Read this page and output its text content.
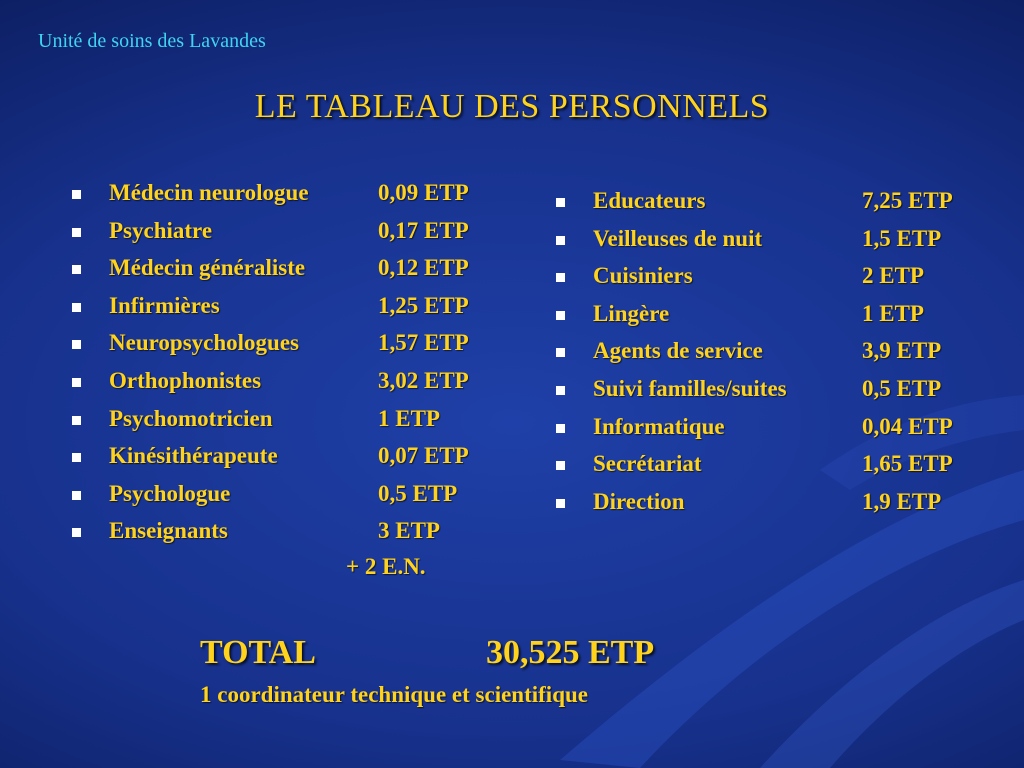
Unité de soins des Lavandes
LE TABLEAU DES PERSONNELS
Médecin neurologue	0,09 ETP
Psychiatre	0,17 ETP
Médecin généraliste	0,12 ETP
Infirmières	1,25 ETP
Neuropsychologues	1,57 ETP
Orthophonistes	3,02 ETP
Psychomotricien	1 ETP
Kinésithérapeute	0,07 ETP
Psychologue	0,5 ETP
Enseignants	3 ETP
+ 2 E.N.
Educateurs	7,25 ETP
Veilleuses de nuit	1,5 ETP
Cuisiniers	2 ETP
Lingère	1 ETP
Agents de service	3,9 ETP
Suivi familles/suites	0,5 ETP
Informatique	0,04 ETP
Secrétariat	1,65 ETP
Direction	1,9 ETP
TOTAL	30,525 ETP
1 coordinateur technique et scientifique
